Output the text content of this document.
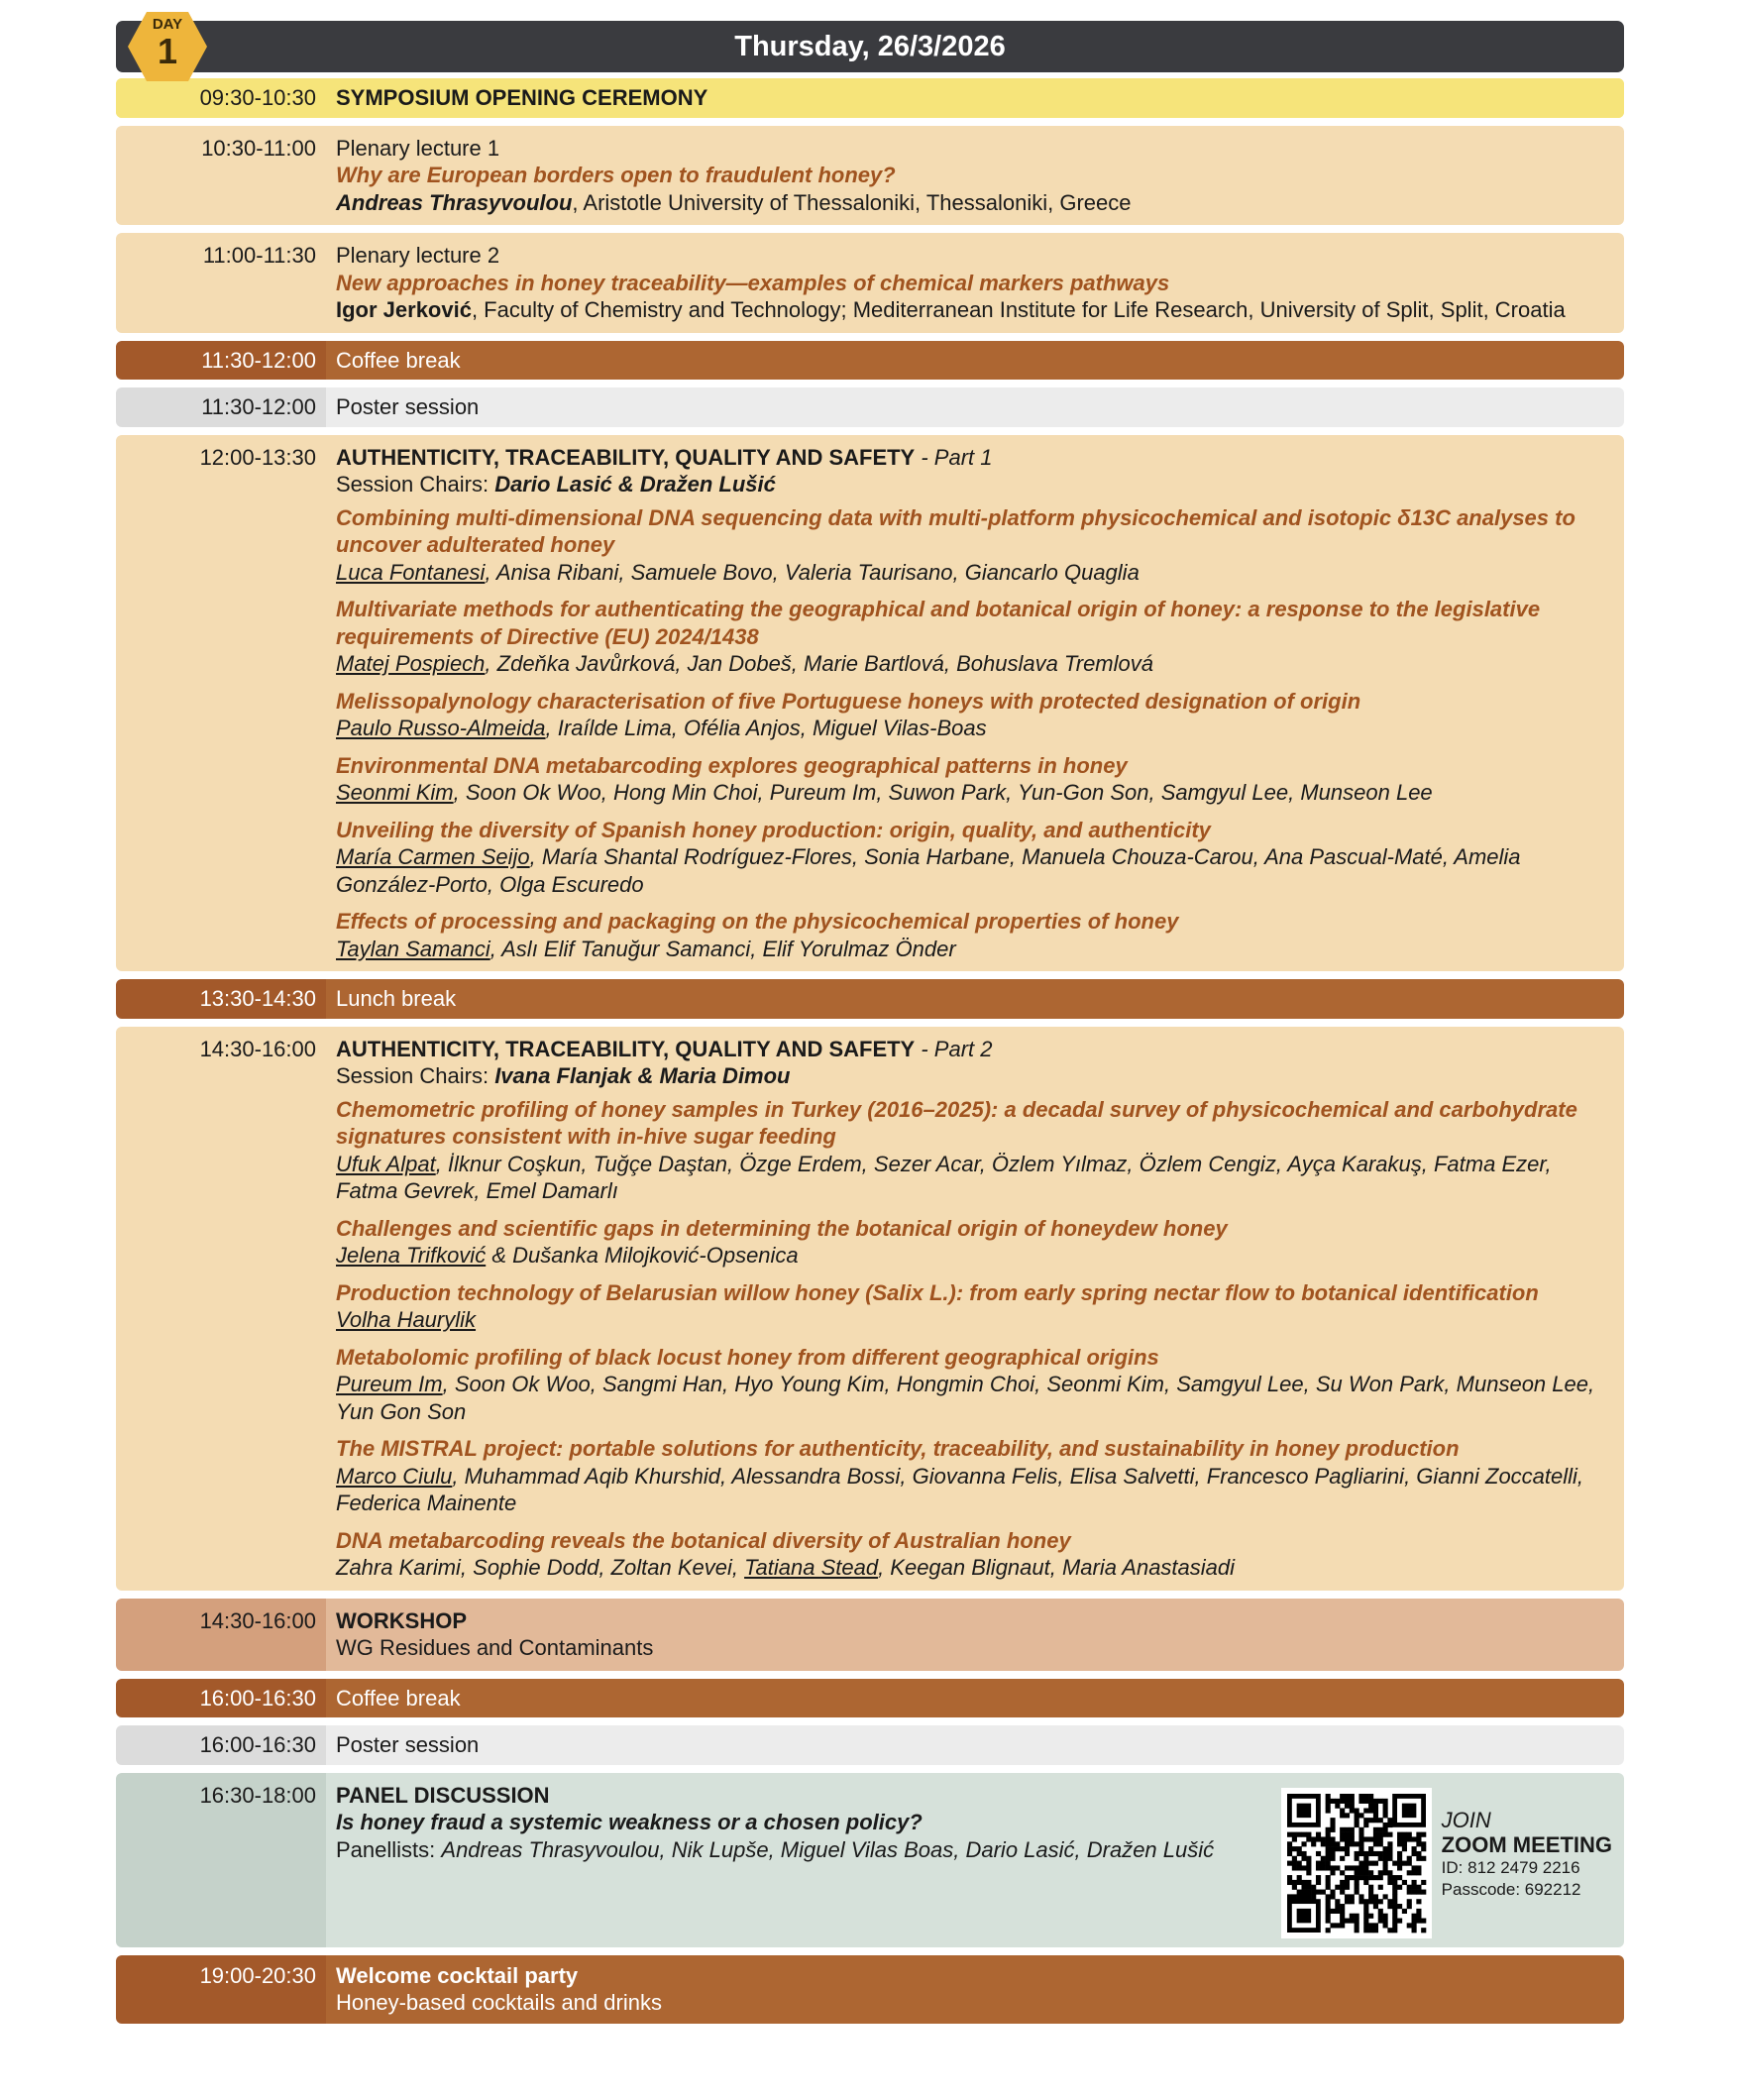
DAY
1	Thursday, 26/3/2026
09:30-10:30 SYMPOSIUM OPENING CEREMONY
10:30-11:00 Plenary lecture 1
Why are European borders open to fraudulent honey?
Andreas Thrasyvoulou, Aristotle University of Thessaloniki, Thessaloniki, Greece
11:00-11:30 Plenary lecture 2
New approaches in honey traceability—examples of chemical markers pathways
Igor Jerković, Faculty of Chemistry and Technology; Mediterranean Institute for Life Research, University of Split, Split, Croatia
11:30-12:00 Coffee break
11:30-12:00 Poster session
12:00-13:30 AUTHENTICITY, TRACEABILITY, QUALITY AND SAFETY - Part 1
Session Chairs: Dario Lasić & Dražen Lušić
Combining multi-dimensional DNA sequencing data with multi-platform physicochemical and isotopic δ13C analyses to uncover adulterated honey
Luca Fontanesi, Anisa Ribani, Samuele Bovo, Valeria Taurisano, Giancarlo Quaglia
Multivariate methods for authenticating the geographical and botanical origin of honey: a response to the legislative requirements of Directive (EU) 2024/1438
Matej Pospiech, Zdeňka Javůrková, Jan Dobeš, Marie Bartlová, Bohuslava Tremlová
Melissopalynology characterisation of five Portuguese honeys with protected designation of origin
Paulo Russo-Almeida, Iraílde Lima, Ofélia Anjos, Miguel Vilas-Boas
Environmental DNA metabarcoding explores geographical patterns in honey
Seonmi Kim, Soon Ok Woo, Hong Min Choi, Pureum Im, Suwon Park, Yun-Gon Son, Samgyul Lee, Munseon Lee
Unveiling the diversity of Spanish honey production: origin, quality, and authenticity
María Carmen Seijo, María Shantal Rodríguez-Flores, Sonia Harbane, Manuela Chouza-Carou, Ana Pascual-Maté, Amelia González-Porto, Olga Escuredo
Effects of processing and packaging on the physicochemical properties of honey
Taylan Samanci, Aslı Elif Tanuğur Samanci, Elif Yorulmaz Önder
13:30-14:30 Lunch break
14:30-16:00 AUTHENTICITY, TRACEABILITY, QUALITY AND SAFETY - Part 2
Session Chairs: Ivana Flanjak & Maria Dimou
Chemometric profiling of honey samples in Turkey (2016–2025): a decadal survey of physicochemical and carbohydrate signatures consistent with in-hive sugar feeding
Ufuk Alpat, İlknur Coşkun, Tuğçe Daştan, Özge Erdem, Sezer Acar, Özlem Yılmaz, Özlem Cengiz, Ayça Karakuş, Fatma Ezer, Fatma Gevrek, Emel Damarlı
Challenges and scientific gaps in determining the botanical origin of honeydew honey
Jelena Trifković & Dušanka Milojković-Opsenica
Production technology of Belarusian willow honey (Salix L.): from early spring nectar flow to botanical identification
Volha Haurylik
Metabolomic profiling of black locust honey from different geographical origins
Pureum Im, Soon Ok Woo, Sangmi Han, Hyo Young Kim, Hongmin Choi, Seonmi Kim, Samgyul Lee, Su Won Park, Munseon Lee, Yun Gon Son
The MISTRAL project: portable solutions for authenticity, traceability, and sustainability in honey production
Marco Ciulu, Muhammad Aqib Khurshid, Alessandra Bossi, Giovanna Felis, Elisa Salvetti, Francesco Pagliarini, Gianni Zoccatelli, Federica Mainente
DNA metabarcoding reveals the botanical diversity of Australian honey
Zahra Karimi, Sophie Dodd, Zoltan Kevei, Tatiana Stead, Keegan Blignaut, Maria Anastasiadi
14:30-16:00 WORKSHOP
WG Residues and Contaminants
16:00-16:30 Coffee break
16:00-16:30 Poster session
16:30-18:00 PANEL DISCUSSION
Is honey fraud a systemic weakness or a chosen policy?
Panellists: Andreas Thrasyvoulou, Nik Lupše, Miguel Vilas Boas, Dario Lasić, Dražen Lušić
JOIN
ZOOM MEETING
ID: 812 2479 2216
Passcode: 692212
19:00-20:30 Welcome cocktail party
Honey-based cocktails and drinks
